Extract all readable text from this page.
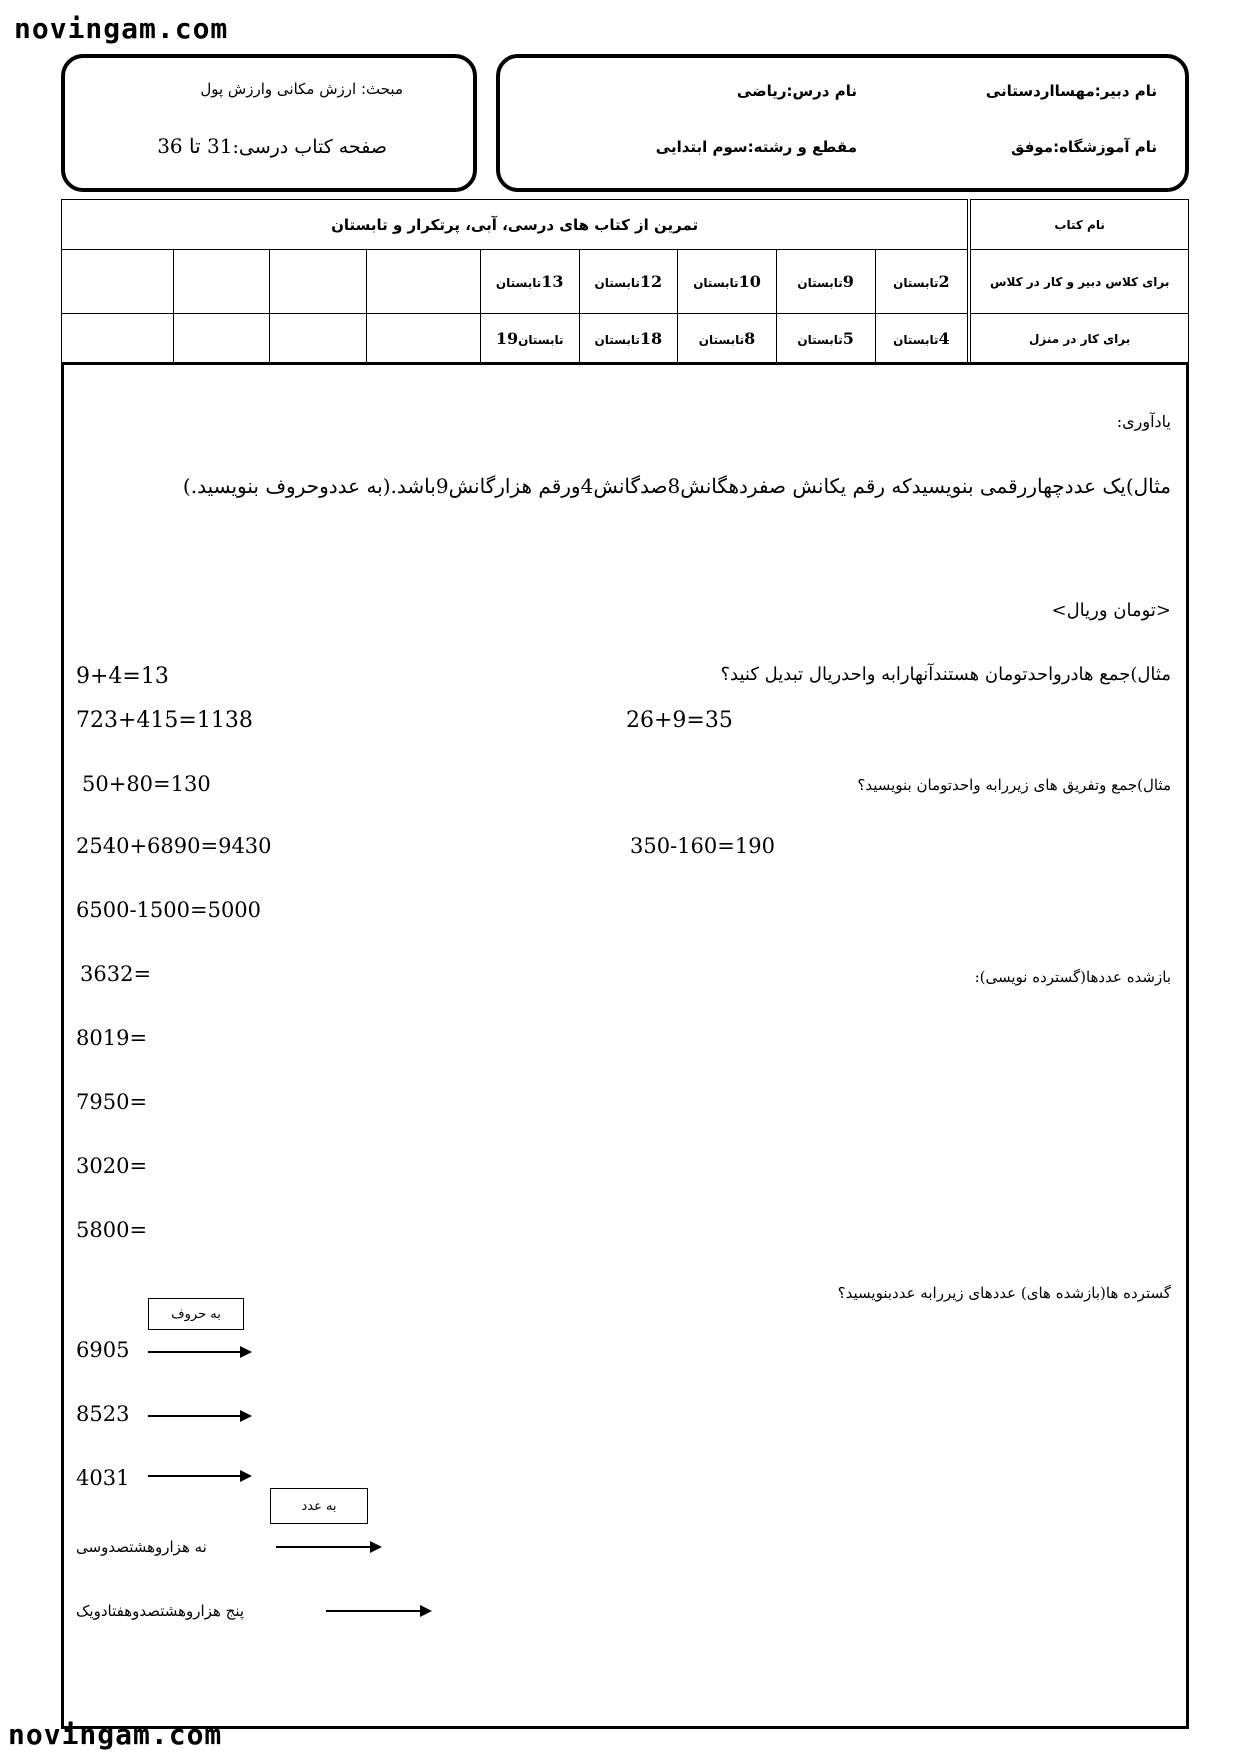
novingam.com
novingam.com
مبحث: ارزش مکانی وارزش پول
صفحه کتاب درسی:31 تا 36
نام دبیر:مهسااردستانی
نام درس:ریاضی
نام آموزشگاه:موفق
مقطع و رشته:سوم ابتدایی
نام کتاب	تمرین از کتاب های درسی، آبی، پرتکرار و تابستان								
برای کلاس دبیر و کار در کلاس	2تابستان	9تابستان	10تابستان	12تابستان	13تابستان				
برای کار در منزل	4تابستان	5تابستان	8تابستان	18تابستان	تابستان19				
یادآوری:
مثال)یک عددچهاررقمی بنویسیدکه رقم یکانش صفردهگانش8صدگانش4ورقم هزارگانش9باشد.(به عددوحروف بنویسید.)
<تومان وریال>
مثال)جمع هادرواحدتومان هستندآنهارابه واحدریال تبدیل کنید؟
9+4=13
723+415=1138	26+9=35
مثال)جمع وتفریق های زیررابه واحدتومان بنویسید؟
50+80=130
2540+6890=9430	350-160=190
6500-1500=5000
بازشده عددها(گسترده نویسی):
3632=
8019=
7950=
3020=
5800=
گسترده ها(بازشده های) عددهای زیررابه عددبنویسید؟
به حروف
6905
8523
4031
به عدد
نه هزاروهشتصدوسی
پنج هزاروهشتصدوهفتادویک
